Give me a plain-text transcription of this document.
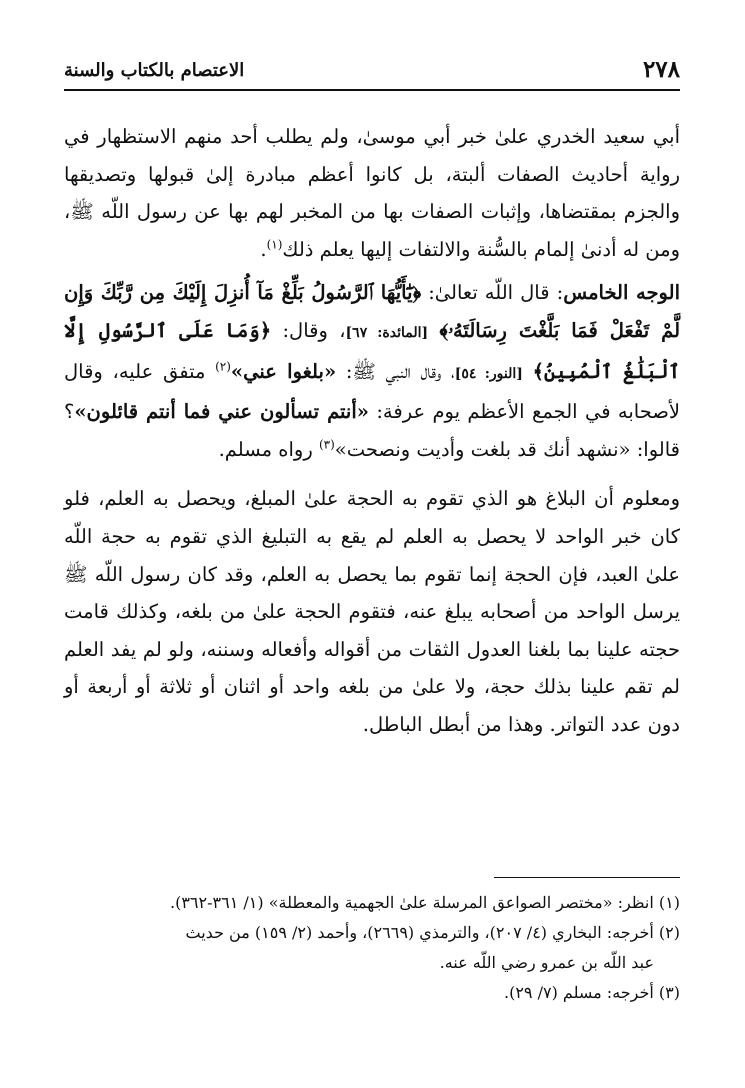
٢٧٨
الاعتصام بالكتاب والسنة

أبي سعيد الخدري علىٰ خبر أبي موسىٰ، ولم يطلب أحد منهم الاستظهار في رواية أحاديث الصفات ألبتة، بل كانوا أعظم مبادرة إلىٰ قبولها وتصديقها والجزم بمقتضاها، وإثبات الصفات بها من المخبر لهم بها عن رسول اللّه ﷺ، ومن له أدنىٰ إلمام بالسُّنة والالتفات إليها يعلم ذلك$^{(١)}$.

الوجه الخامس: قال اللّه تعالىٰ: ﴿يَٰٓأَيُّهَا ٱلرَّسُولُ بَلِّغْ مَآ أُنزِلَ إِلَيْكَ مِن رَّبِّكَ وَإِن لَّمْ تَفْعَلْ فَمَا بَلَّغْتَ رِسَالَتَهُۥ﴾ [المائدة: ٦٧]، وقال: ﴿وَمَا عَلَى ٱلرَّسُولِ إِلَّا ٱلْبَلَٰغُ ٱلْمُبِينُ﴾ [النور: ٥٤]، وقال النبي ﷺ: «بلغوا عني»$^{(٢)}$ متفق عليه، وقال لأصحابه في الجمع الأعظم يوم عرفة: «أنتم تسألون عني فما أنتم قائلون»؟ قالوا: «نشهد أنك قد بلغت وأديت ونصحت»$^{(٣)}$ رواه مسلم.

ومعلوم أن البلاغ هو الذي تقوم به الحجة علىٰ المبلغ، ويحصل به العلم، فلو كان خبر الواحد لا يحصل به العلم لم يقع به التبليغ الذي تقوم به حجة اللّه علىٰ العبد، فإن الحجة إنما تقوم بما يحصل به العلم، وقد كان رسول اللّه ﷺ يرسل الواحد من أصحابه يبلغ عنه، فتقوم الحجة علىٰ من بلغه، وكذلك قامت حجته علينا بما بلغنا العدول الثقات من أقواله وأفعاله وسننه، ولو لم يفد العلم لم تقم علينا بذلك حجة، ولا علىٰ من بلغه واحد أو اثنان أو ثلاثة أو أربعة أو دون عدد التواتر. وهذا من أبطل الباطل.

(١) انظر: «مختصر الصواعق المرسلة علىٰ الجهمية والمعطلة» (١/ ٣٦١-٣٦٢).

(٢) أخرجه: البخاري (٤/ ٢٠٧)، والترمذي (٢٦٦٩)، وأحمد (٢/ ١٥٩) من حديث

عبد اللّه بن عمرو رضي اللّه عنه.

(٣) أخرجه: مسلم (٧/ ٢٩).
